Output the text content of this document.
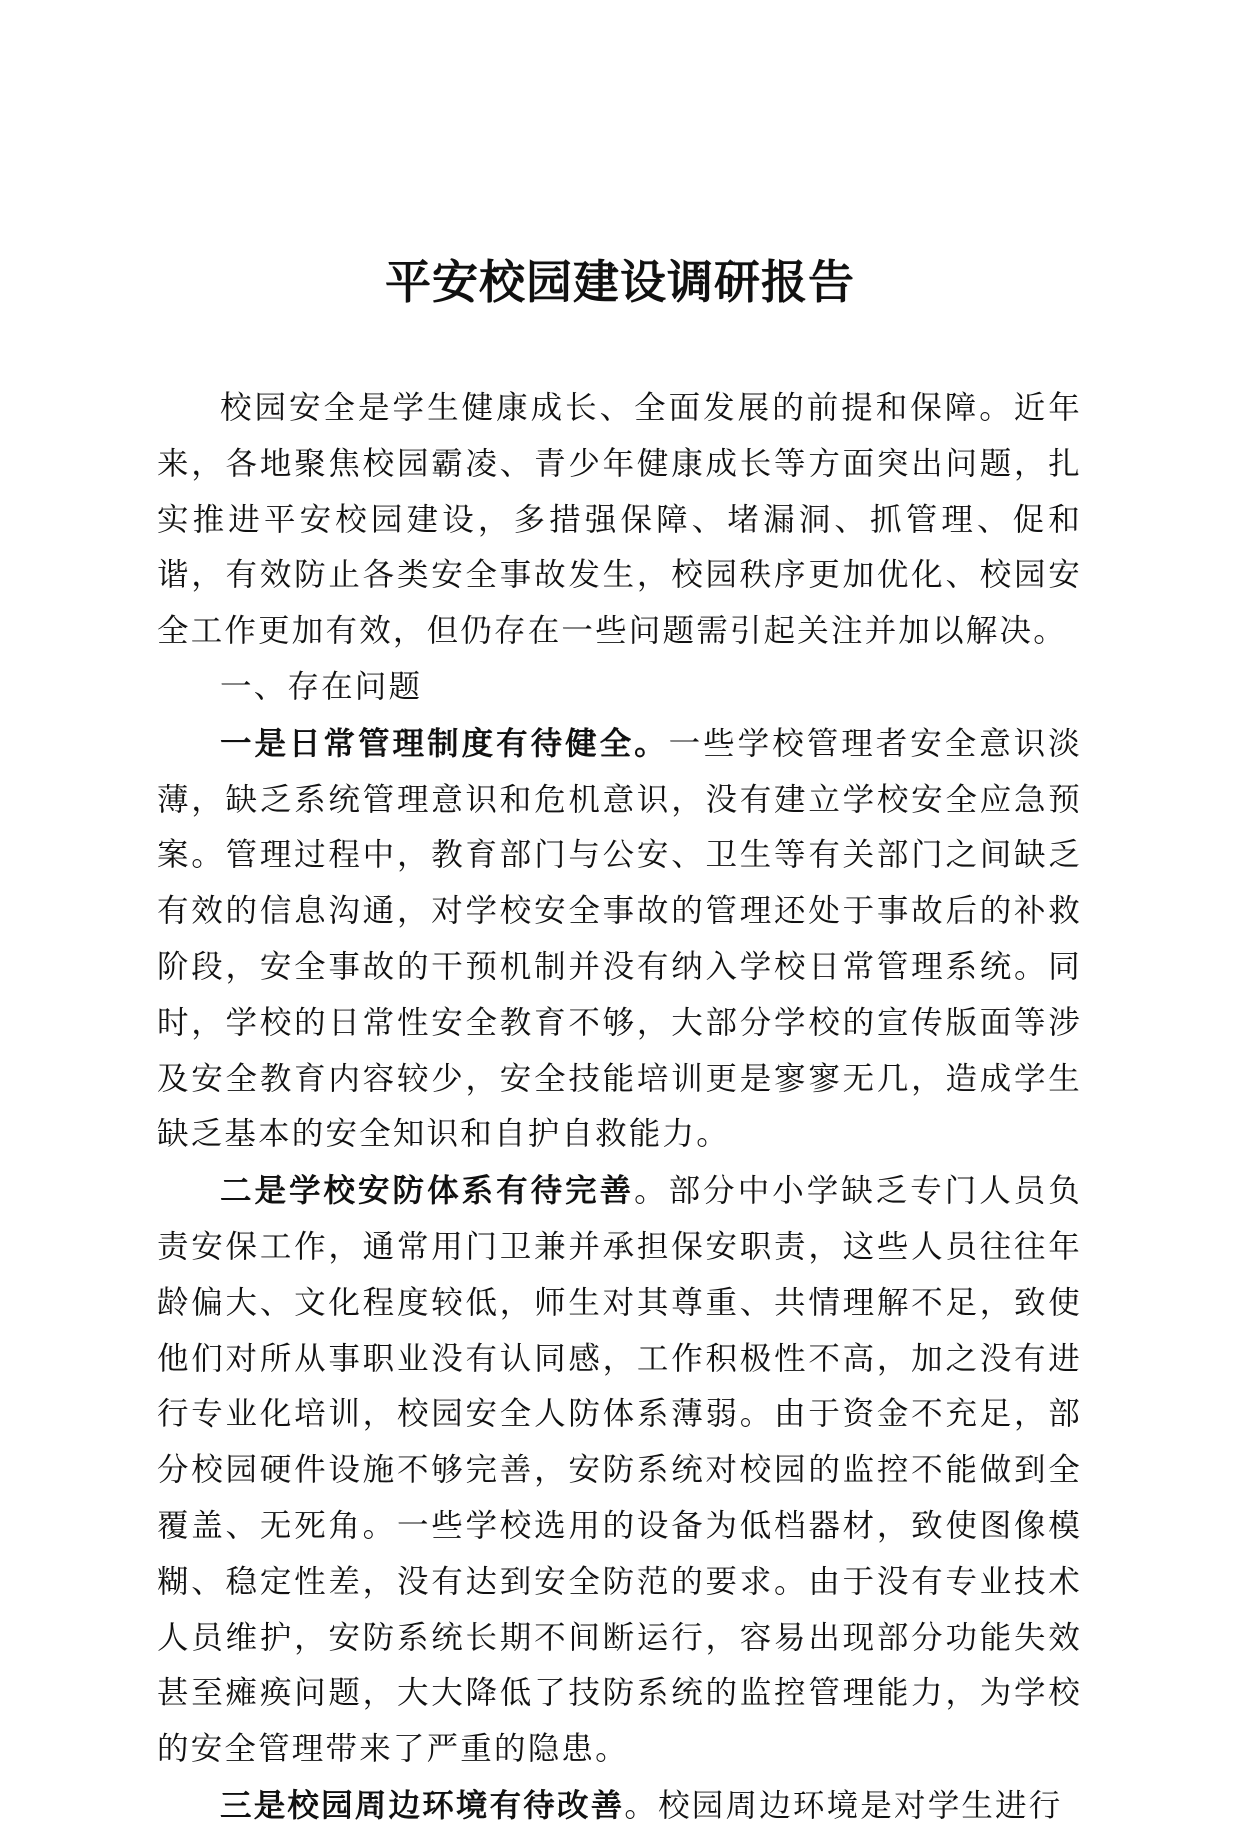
平安校园建设调研报告

校园安全是学生健康成长、全面发展的前提和保障。近年来，各地聚焦校园霸凌、青少年健康成长等方面突出问题，扎实推进平安校园建设，多措强保障、堵漏洞、抓管理、促和谐，有效防止各类安全事故发生，校园秩序更加优化、校园安全工作更加有效，但仍存在一些问题需引起关注并加以解决。

一、存在问题

一是日常管理制度有待健全。一些学校管理者安全意识淡薄，缺乏系统管理意识和危机意识，没有建立学校安全应急预案。管理过程中，教育部门与公安、卫生等有关部门之间缺乏有效的信息沟通，对学校安全事故的管理还处于事故后的补救阶段，安全事故的干预机制并没有纳入学校日常管理系统。同时，学校的日常性安全教育不够，大部分学校的宣传版面等涉及安全教育内容较少，安全技能培训更是寥寥无几，造成学生缺乏基本的安全知识和自护自救能力。

二是学校安防体系有待完善。部分中小学缺乏专门人员负责安保工作，通常用门卫兼并承担保安职责，这些人员往往年龄偏大、文化程度较低，师生对其尊重、共情理解不足，致使他们对所从事职业没有认同感，工作积极性不高，加之没有进行专业化培训，校园安全人防体系薄弱。由于资金不充足，部分校园硬件设施不够完善，安防系统对校园的监控不能做到全覆盖、无死角。一些学校选用的设备为低档器材，致使图像模糊、稳定性差，没有达到安全防范的要求。由于没有专业技术人员维护，安防系统长期不间断运行，容易出现部分功能失效甚至瘫痪问题，大大降低了技防系统的监控管理能力，为学校的安全管理带来了严重的隐患。

三是校园周边环境有待改善。校园周边环境是对学生进行
